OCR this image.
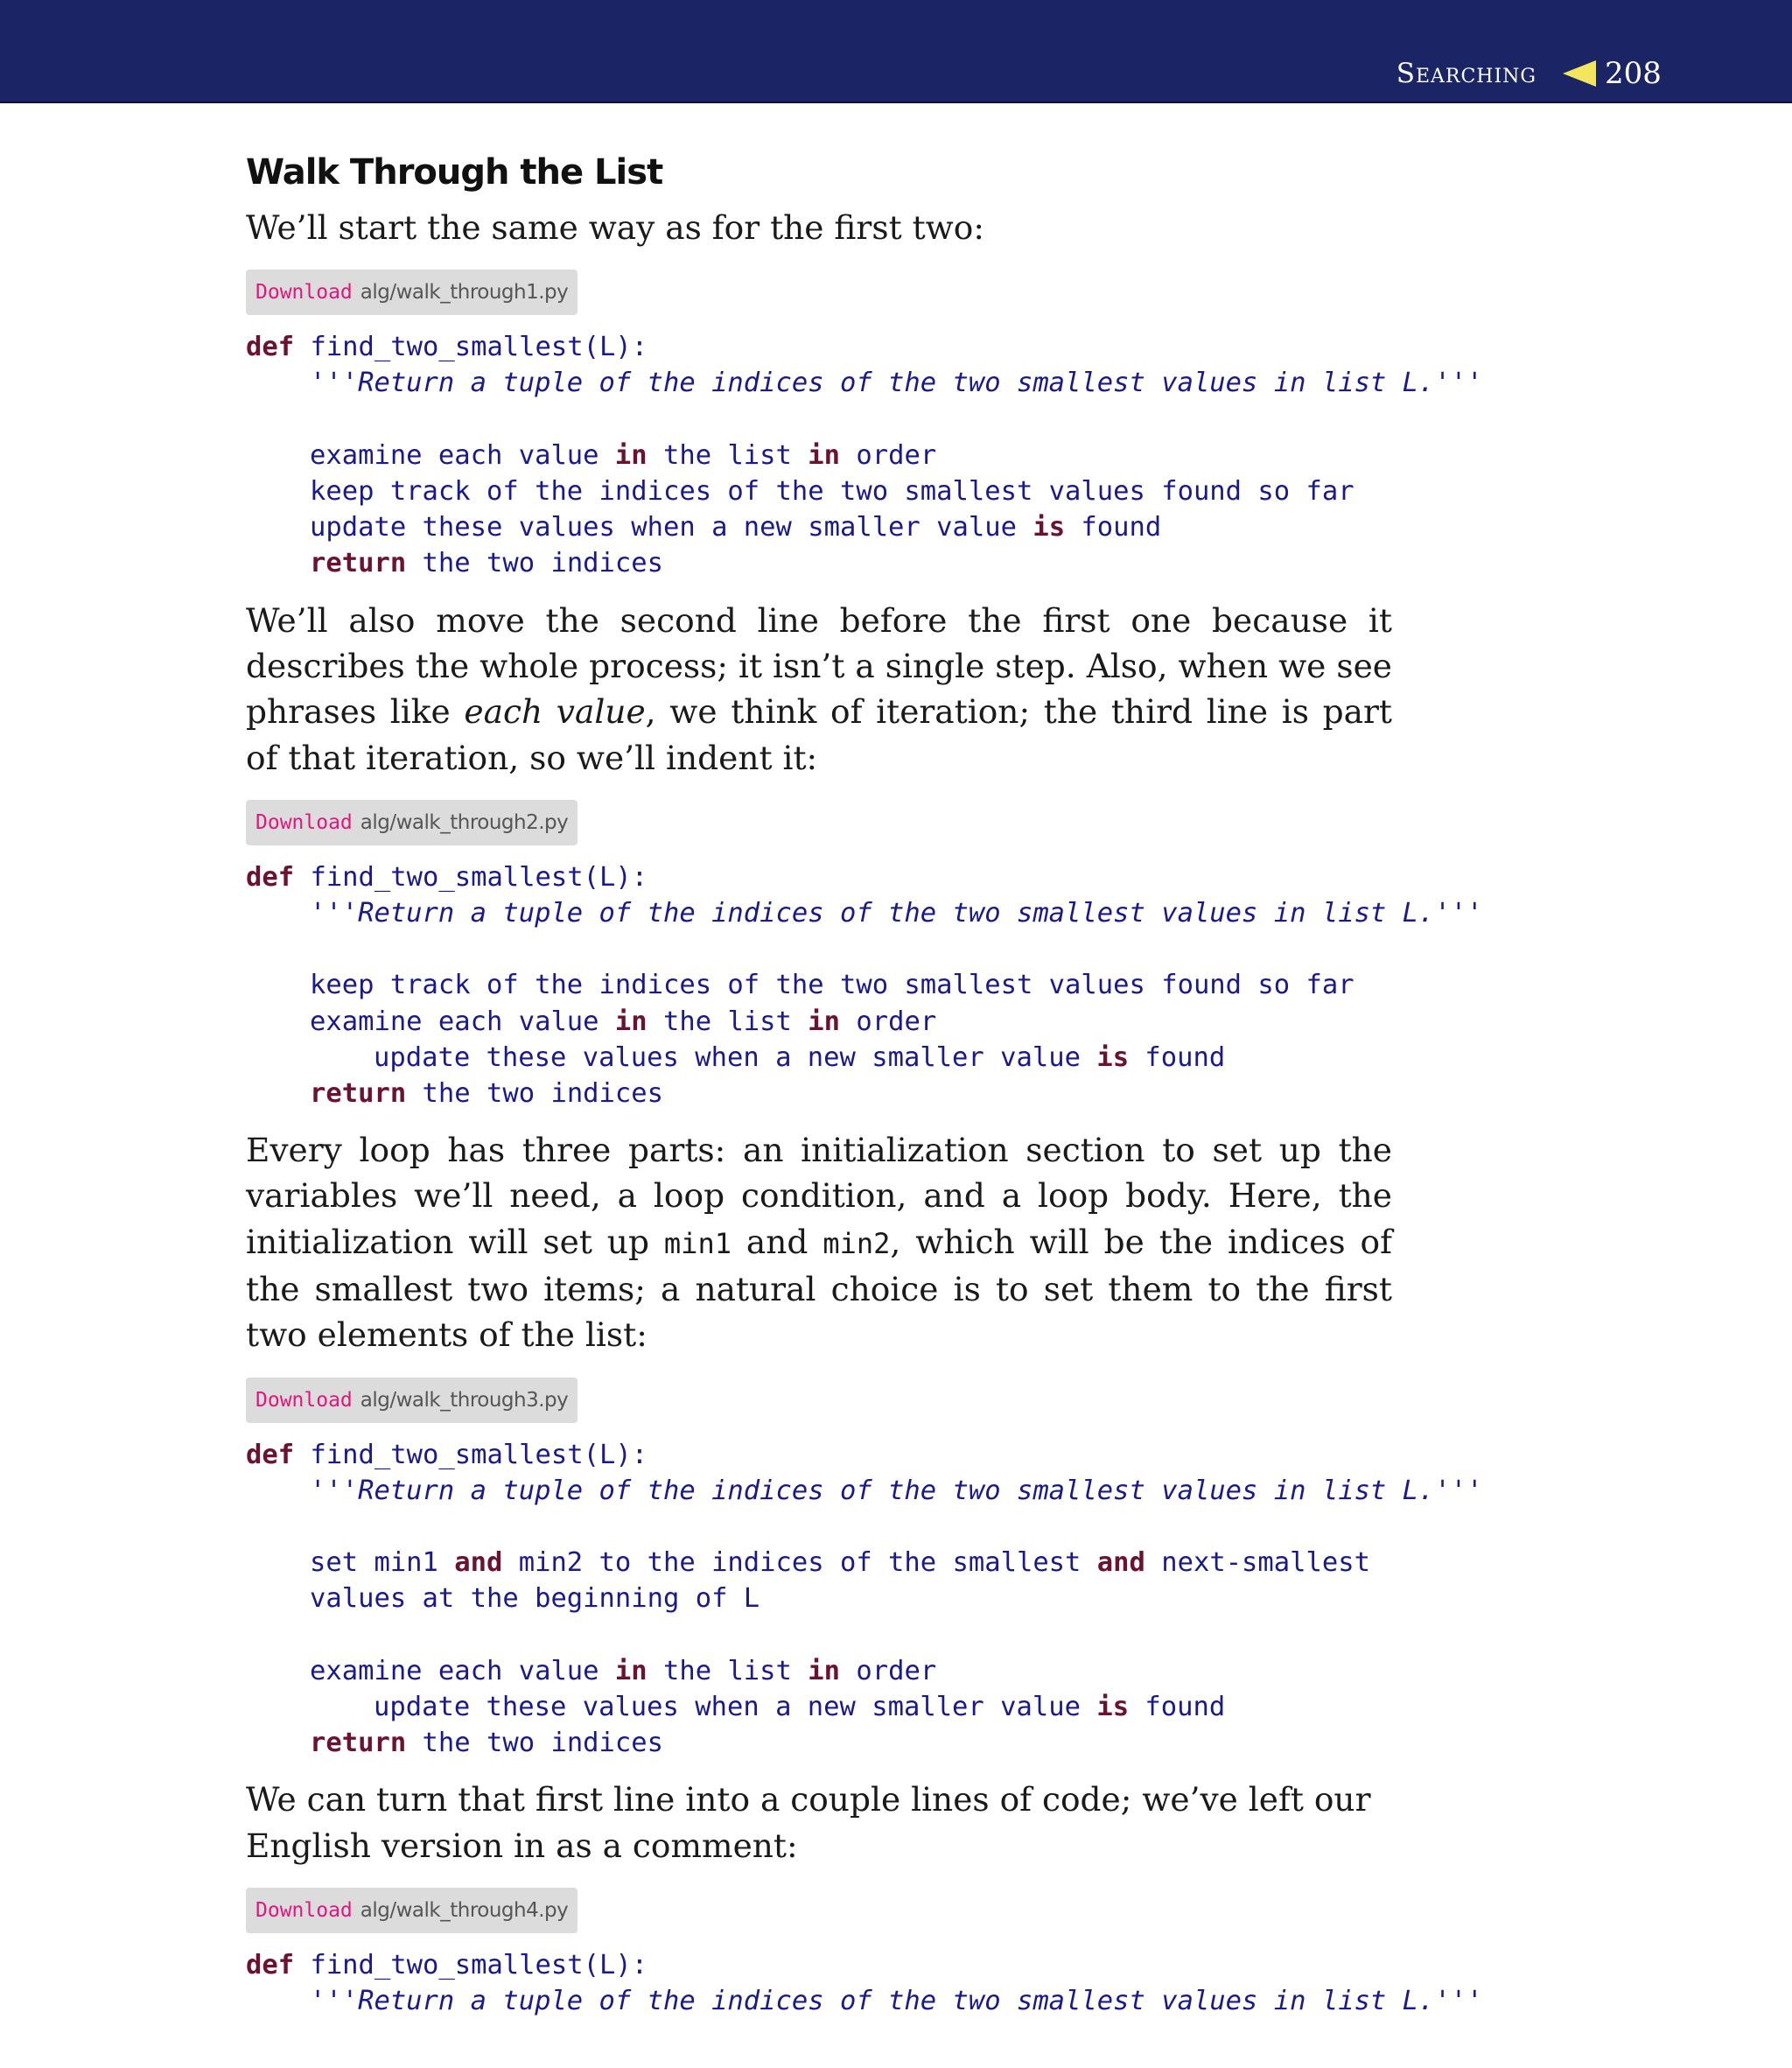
Searching 208
Walk Through the List

We’ll start the same way as for the first two:

Download alg/walk_through1.py
def find_two_smallest(L):
'''Return a tuple of the indices of the two smallest values in list L.'''
examine each value in the list in order
keep track of the indices of the two smallest values found so far
update these values when a new smaller value is found
return the two indices

We’ll also move the second line before the first one because it describes the whole process; it isn’t a single step. Also, when we see phrases like each value, we think of iteration; the third line is part of that iteration, so we’ll indent it:

Download alg/walk_through2.py
def find_two_smallest(L):
'''Return a tuple of the indices of the two smallest values in list L.'''
keep track of the indices of the two smallest values found so far
examine each value in the list in order
update these values when a new smaller value is found
return the two indices

Every loop has three parts: an initialization section to set up the variables we’ll need, a loop condition, and a loop body. Here, the initialization will set up min1 and min2, which will be the indices of the smallest two items; a natural choice is to set them to the first two elements of the list:

Download alg/walk_through3.py
def find_two_smallest(L):
'''Return a tuple of the indices of the two smallest values in list L.'''
set min1 and min2 to the indices of the smallest and next-smallest
values at the beginning of L
examine each value in the list in order
update these values when a new smaller value is found
return the two indices

We can turn that first line into a couple lines of code; we’ve left our English version in as a comment:

Download alg/walk_through4.py
def find_two_smallest(L):
'''Return a tuple of the indices of the two smallest values in list L.'''
